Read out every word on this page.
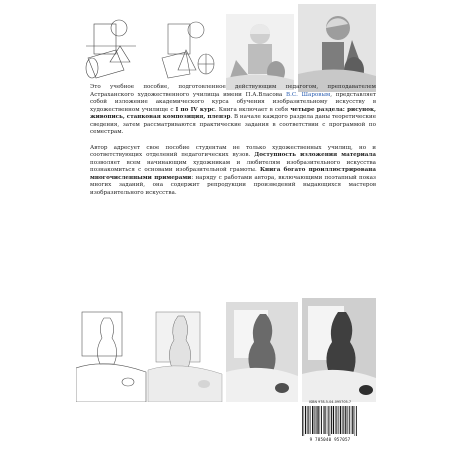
Это учебное пособие, подготовленное действующим педагогом, преподавателем Астраханского художественного училища имени П.А.Власова В.С. Шаровым, представляет собой изложение академического курса обучения изобразительному искусству в художественном училище с I по IV курс. Книга включает в себя четыре раздела: рисунок, живопись, станковая композиция, пленэр. В начале каждого раздела даны теоретические сведения, затем рассматриваются практические задания в соответствии с программой по семестрам.

Автор адресует свое пособие студентам не только художественных училищ, но и соответствующих отделений педагогических вузов. Доступность изложения материала позволяет всем начинающим художникам и любителям изобразительного искусства познакомиться с основами изобразительной грамоты. Книга богато проиллюстрирована многочисленными примерами: наряду с работами автора, включающими поэтапный показ многих заданий, она содержит репродукции произведений выдающихся мастеров изобразительного искусства.

ISBN 978-5-04-095705-7
9 785040 957057
